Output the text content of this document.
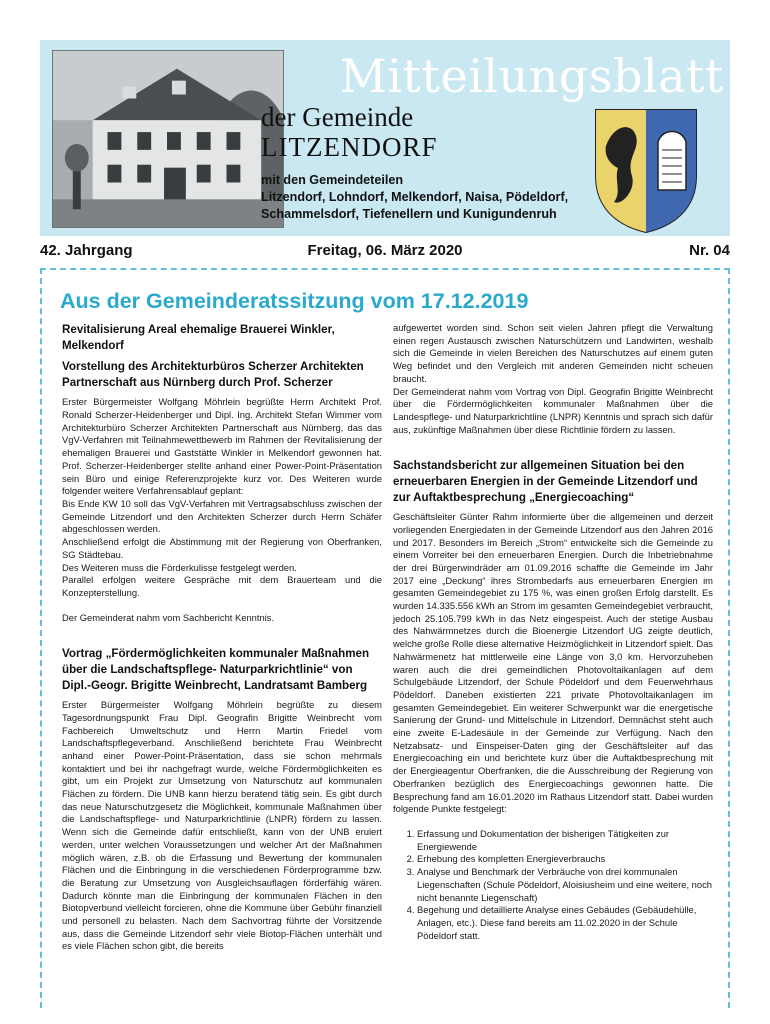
Mitteilungsblatt
der Gemeinde
LITZENDORF
mit den Gemeindeteilen
Litzendorf, Lohndorf, Melkendorf, Naisa, Pödeldorf,
Schammelsdorf, Tiefenellern und Kunigundenruh
Freitag, 06. März 2020
42. Jahrgang	Nr. 04
Aus der Gemeinderatssitzung vom 17.12.2019
Revitalisierung Areal ehemalige Brauerei Winkler, Melkendorf
Vorstellung des Architekturbüros Scherzer Architekten Partnerschaft aus Nürnberg durch Prof. Scherzer

Erster Bürgermeister Wolfgang Möhrlein begrüßte Herrn Architekt Prof. Ronald Scherzer-Heidenberger und Dipl. Ing. Architekt Stefan Wimmer vom Architekturbüro Scherzer Architekten Partnerschaft aus Nürnberg, das das VgV-Verfahren mit Teilnahmewettbewerb im Rahmen der Revitalisierung der ehemaligen Brauerei und Gaststätte Winkler in Melkendorf gewonnen hat. Prof. Scherzer-Heidenberger stellte anhand einer Power-Point-Präsentation sein Büro und einige Referenzprojekte kurz vor. Des Weiteren wurde folgender weitere Verfahrensablauf geplant:

Bis Ende KW 10 soll das VgV-Verfahren mit Vertragsabschluss zwischen der Gemeinde Litzendorf und den Architekten Scherzer durch Herrn Schäfer abgeschlossen werden.

Anschließend erfolgt die Abstimmung mit der Regierung von Oberfranken, SG Städtebau.

Des Weiteren muss die Förderkulisse festgelegt werden.

Parallel erfolgen weitere Gespräche mit dem Brauerteam und die Konzepterstellung.

Der Gemeinderat nahm vom Sachbericht Kenntnis.

Vortrag „Fördermöglichkeiten kommunaler Maßnahmen über die Landschaftspflege- Naturparkrichtlinie“ von Dipl.-Geogr. Brigitte Weinbrecht, Landratsamt Bamberg

Erster Bürgermeister Wolfgang Möhrlein begrüßte zu diesem Tagesordnungspunkt Frau Dipl. Geografin Brigitte Weinbrecht vom Fachbereich Umweltschutz und Herrn Martin Friedel vom Landschaftspflegeverband. Anschließend berichtete Frau Weinbrecht anhand einer Power-Point-Präsentation, dass sie schon mehrmals kontaktiert und bei ihr nachgefragt wurde, welche Fördermöglichkeiten es gibt, um ein Projekt zur Umsetzung von Naturschutz auf kommunalen Flächen zu fördern. Die UNB kann hierzu beratend tätig sein. Es gibt durch das neue Naturschutzgesetz die Möglichkeit, kommunale Maßnahmen über die Landschaftspflege- und Naturparkrichtlinie (LNPR) fördern zu lassen. Wenn sich die Gemeinde dafür entschließt, kann von der UNB eruiert werden, unter welchen Voraussetzungen und welcher Art der Maßnahmen möglich wären, z.B. ob die Erfassung und Bewertung der kommunalen Flächen und die Einbringung in die verschiedenen Förderprogramme bzw. die Beratung zur Umsetzung von Ausgleichsauflagen förderfähig wären. Dadurch könnte man die Einbringung der kommunalen Flächen in den Biotopverbund vielleicht forcieren, ohne die Kommune über Gebühr finanziell und personell zu belasten. Nach dem Sachvortrag führte der Vorsitzende aus, dass die Gemeinde Litzendorf sehr viele Biotop-Flächen unterhält und es viele Flächen schon gibt, die bereits

aufgewertet worden sind. Schon seit vielen Jahren pflegt die Verwaltung einen regen Austausch zwischen Naturschützern und Landwirten, weshalb sich die Gemeinde in vielen Bereichen des Naturschutzes auf einem guten Weg befindet und den Vergleich mit anderen Gemeinden nicht scheuen braucht.

Der Gemeinderat nahm vom Vortrag von Dipl. Geografin Brigitte Weinbrecht über die Fördermöglichkeiten kommunaler Maßnahmen über die Landespflege- und Naturparkrichtline (LNPR) Kenntnis und sprach sich dafür aus, zukünftige Maßnahmen über diese Richtlinie fördern zu lassen.

Sachstandsbericht zur allgemeinen Situation bei den erneuerbaren Energien in der Gemeinde Litzendorf und zur Auftaktbesprechung „Energiecoaching“

Geschäftsleiter Günter Rahm informierte über die allgemeinen und derzeit vorliegenden Energiedaten in der Gemeinde Litzendorf aus den Jahren 2016 und 2017. Besonders im Bereich „Strom“ entwickelte sich die Gemeinde zu einem Vorreiter bei den erneuerbaren Energien. Durch die Inbetriebnahme der drei Bürgerwindräder am 01.09.2016 schaffte die Gemeinde im Jahr 2017 eine „Deckung“ ihres Strombedarfs aus erneuerbaren Energien im gesamten Gemeindegebiet zu 175 %, was einen großen Erfolg darstellt. Es wurden 14.335.556 kWh an Strom im gesamten Gemeindegebiet verbraucht, jedoch 25.105.799 kWh in das Netz eingespeist. Auch der stetige Ausbau des Nahwärmnetzes durch die Bioenergie Litzendorf UG zeigte deutlich, welche große Rolle diese alternative Heizmöglichkeit in Litzendorf spielt. Das Nahwärmenetz hat mittlerweile eine Länge von 3,0 km. Hervorzuheben waren auch die drei gemeindlichen Photovoltaikanlagen auf dem Schulgebäude Litzendorf, der Schule Pödeldorf und dem Feuerwehrhaus Pödeldorf. Daneben existierten 221 private Photovoltaikanlagen im gesamten Gemeindegebiet. Ein weiterer Schwerpunkt war die energetische Sanierung der Grund- und Mittelschule in Litzendorf. Demnächst steht auch eine zweite E-Ladesäule in der Gemeinde zur Verfügung. Nach den Netzabsatz- und Einspeiser-Daten ging der Geschäftsleiter auf das Energiecoaching ein und berichtete kurz über die Auftaktbesprechung mit der Energieagentur Oberfranken, die die Ausschreibung der Regierung von Oberfranken bezüglich des Energiecoachings gewonnen hatte. Die Besprechung fand am 16.01.2020 im Rathaus Litzendorf statt. Dabei wurden folgende Punkte festgelegt:

1. Erfassung und Dokumentation der bisherigen Tätigkeiten zur Energiewende
2. Erhebung des kompletten Energieverbrauchs
3. Analyse und Benchmark der Verbräuche von drei kommunalen Liegenschaften (Schule Pödeldorf, Aloisiusheim und eine weitere, noch nicht benannte Liegenschaft)
4. Begehung und detaillierte Analyse eines Gebäudes (Gebäudehülle, Anlagen, etc.). Diese fand bereits am 11.02.2020 in der Schule Pödeldorf statt.
